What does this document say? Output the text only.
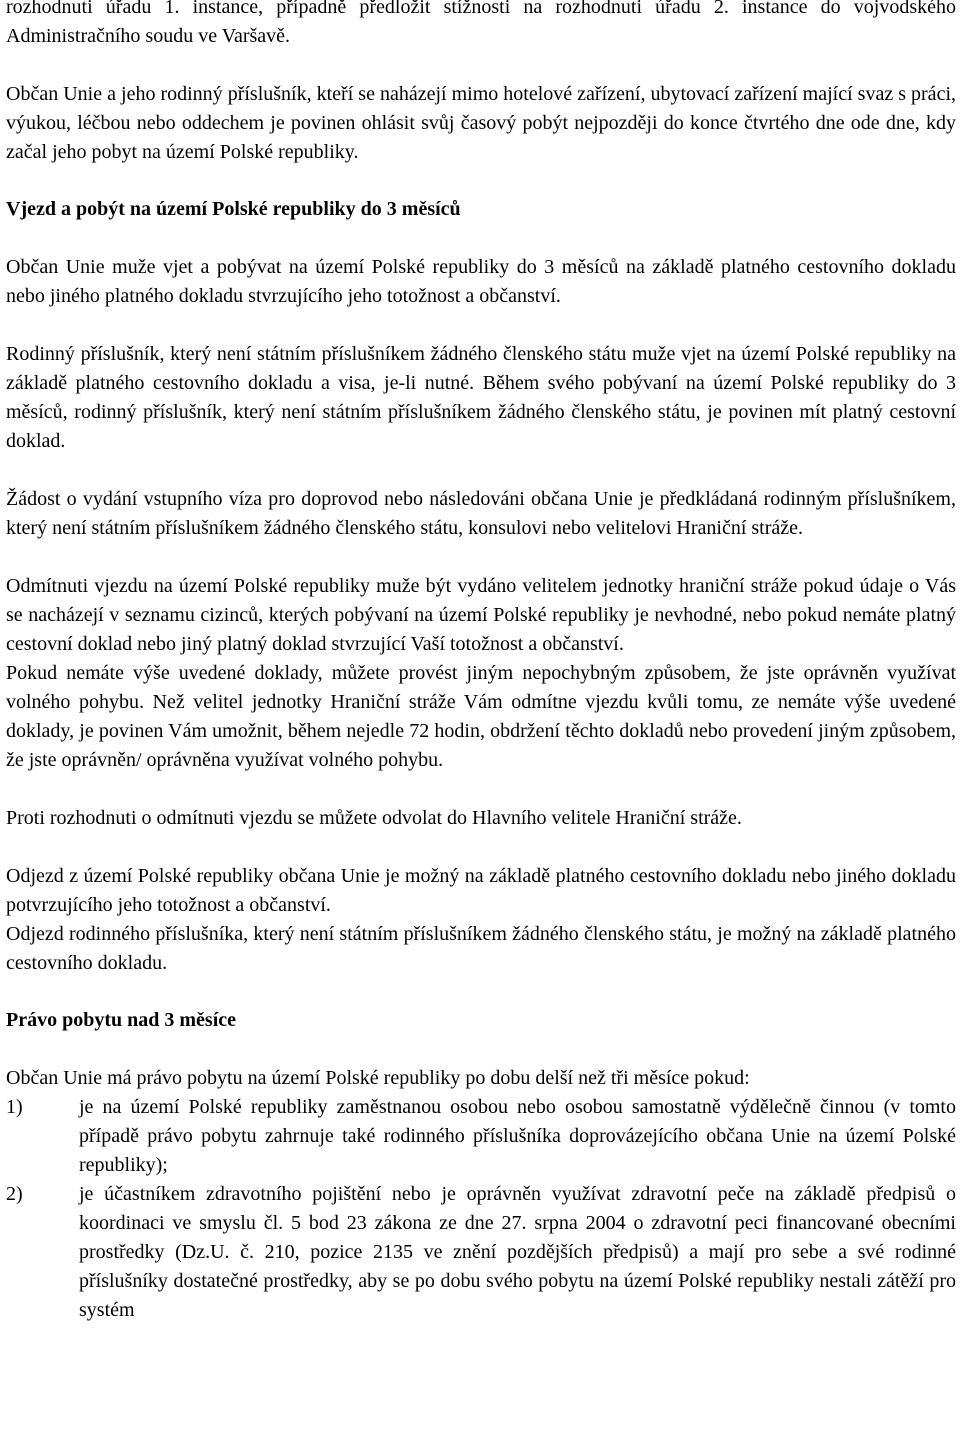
rozhodnuti úřadu 1. instance, případně předložit stížnosti na rozhodnuti úřadu 2. instance do vojvodského Administračního soudu ve Varšavě.

Občan Unie a jeho rodinný příslušník, kteří se naházejí mimo hotelové zařízení, ubytovací zařízení mající svaz s práci, výukou, léčbou nebo oddechem je povinen ohlásit svůj časový pobýt nejpozději do konce čtvrtého dne ode dne, kdy začal jeho pobyt na území Polské republiky.

Vjezd a pobýt na území Polské republiky do 3 měsíců

Občan Unie muže vjet a pobývat na území Polské republiky do 3 měsíců na základě platného cestovního dokladu nebo jiného platného dokladu stvrzujícího jeho totožnost a občanství.

Rodinný příslušník, který není státním příslušníkem žádného členského státu muže vjet na území Polské republiky na základě platného cestovního dokladu a visa, je-li nutné. Během svého pobývaní na území Polské republiky do 3 měsíců, rodinný příslušník, který není státním příslušníkem žádného členského státu, je povinen mít platný cestovní doklad.

Žádost o vydání vstupního víza pro doprovod nebo následováni občana Unie je předkládaná rodinným příslušníkem, který není státním příslušníkem žádného členského státu, konsulovi nebo velitelovi Hraniční stráže.

Odmítnuti vjezdu na území Polské republiky muže být vydáno velitelem jednotky hraniční stráže pokud údaje o Vás se nacházejí v seznamu cizinců, kterých pobývaní na území Polské republiky je nevhodné, nebo pokud nemáte platný cestovní doklad nebo jiný platný doklad stvrzující Vaší totožnost a občanství.

Pokud nemáte výše uvedené doklady, můžete provést jiným nepochybným způsobem, že jste oprávněn využívat volného pohybu. Než velitel jednotky Hraniční stráže Vám odmítne vjezdu kvůli tomu, ze nemáte výše uvedené doklady, je povinen Vám umožnit, během nejedle 72 hodin, obdržení těchto dokladů nebo provedení jiným způsobem, že jste oprávněn/ oprávněna využívat volného pohybu.

Proti rozhodnuti o odmítnuti vjezdu se můžete odvolat do Hlavního velitele Hraniční stráže.

Odjezd z území Polské republiky občana Unie je možný na základě platného cestovního dokladu nebo jiného dokladu potvrzujícího jeho totožnost a občanství.

Odjezd rodinného příslušníka, který není státním příslušníkem žádného členského státu, je možný na základě platného cestovního dokladu.

Právo pobytu nad 3 měsíce

Občan Unie má právo pobytu na území Polské republiky po dobu delší než tři měsíce pokud:

1)	je na území Polské republiky zaměstnanou osobou nebo osobou samostatně výdělečně činnou (v tomto případě právo pobytu zahrnuje také rodinného příslušníka doprovázejícího občana Unie na území Polské republiky);
2)	je účastníkem zdravotního pojištění nebo je oprávněn využívat zdravotní peče na základě předpisů o koordinaci ve smyslu čl. 5 bod 23 zákona ze dne 27. srpna 2004 o zdravotní peci financované obecními prostředky (Dz.U. č. 210, pozice 2135 ve znění pozdějších předpisů) a mají pro sebe a své rodinné příslušníky dostatečné prostředky, aby se po dobu svého pobytu na území Polské republiky nestali zátěží pro systém
